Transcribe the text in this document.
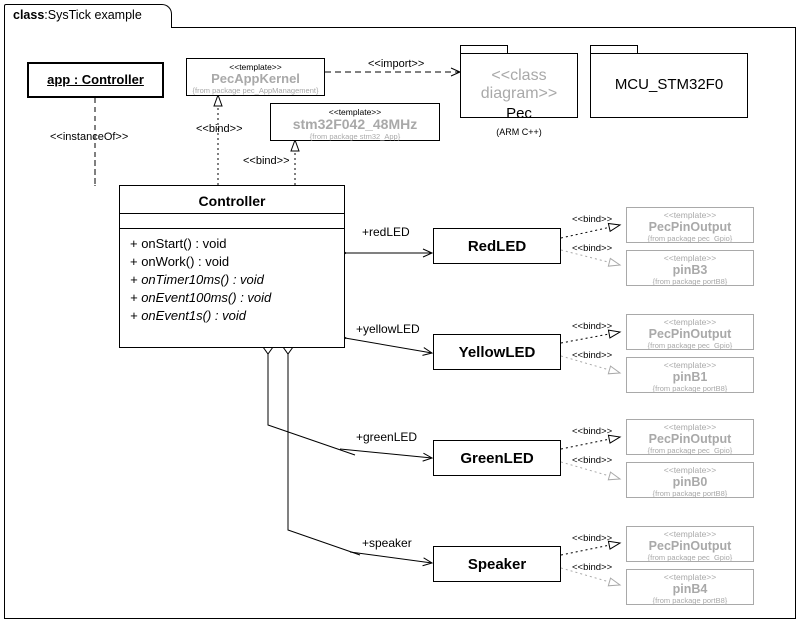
class:SysTick example
app : Controller
<<template>>
PecAppKernel
{from package pec_AppManagement}
<<template>>
stm32F042_48MHz
{from package stm32_App}
<<class diagram>>
Pec
(ARM C++)
MCU_STM32F0
Controller
+ onStart() : void
+ onWork() : void
+ onTimer10ms() : void
+ onEvent100ms() : void
+ onEvent1s() : void
RedLED
YellowLED
GreenLED
Speaker
<<template>>
PecPinOutput
{from package pec_Gpio}
<<template>>
pinB3
{from package portB8}
<<template>>
PecPinOutput
{from package pec_Gpio}
<<template>>
pinB1
{from package portB8}
<<template>>
PecPinOutput
{from package pec_Gpio}
<<template>>
pinB0
{from package portB8}
<<template>>
PecPinOutput
{from package pec_Gpio}
<<template>>
pinB4
{from package portB8}
<<instanceOf>>
<<import>>
<<bind>>
<<bind>>
+redLED
+yellowLED
+greenLED
+speaker
<<bind>>
<<bind>>
<<bind>>
<<bind>>
<<bind>>
<<bind>>
<<bind>>
<<bind>>
